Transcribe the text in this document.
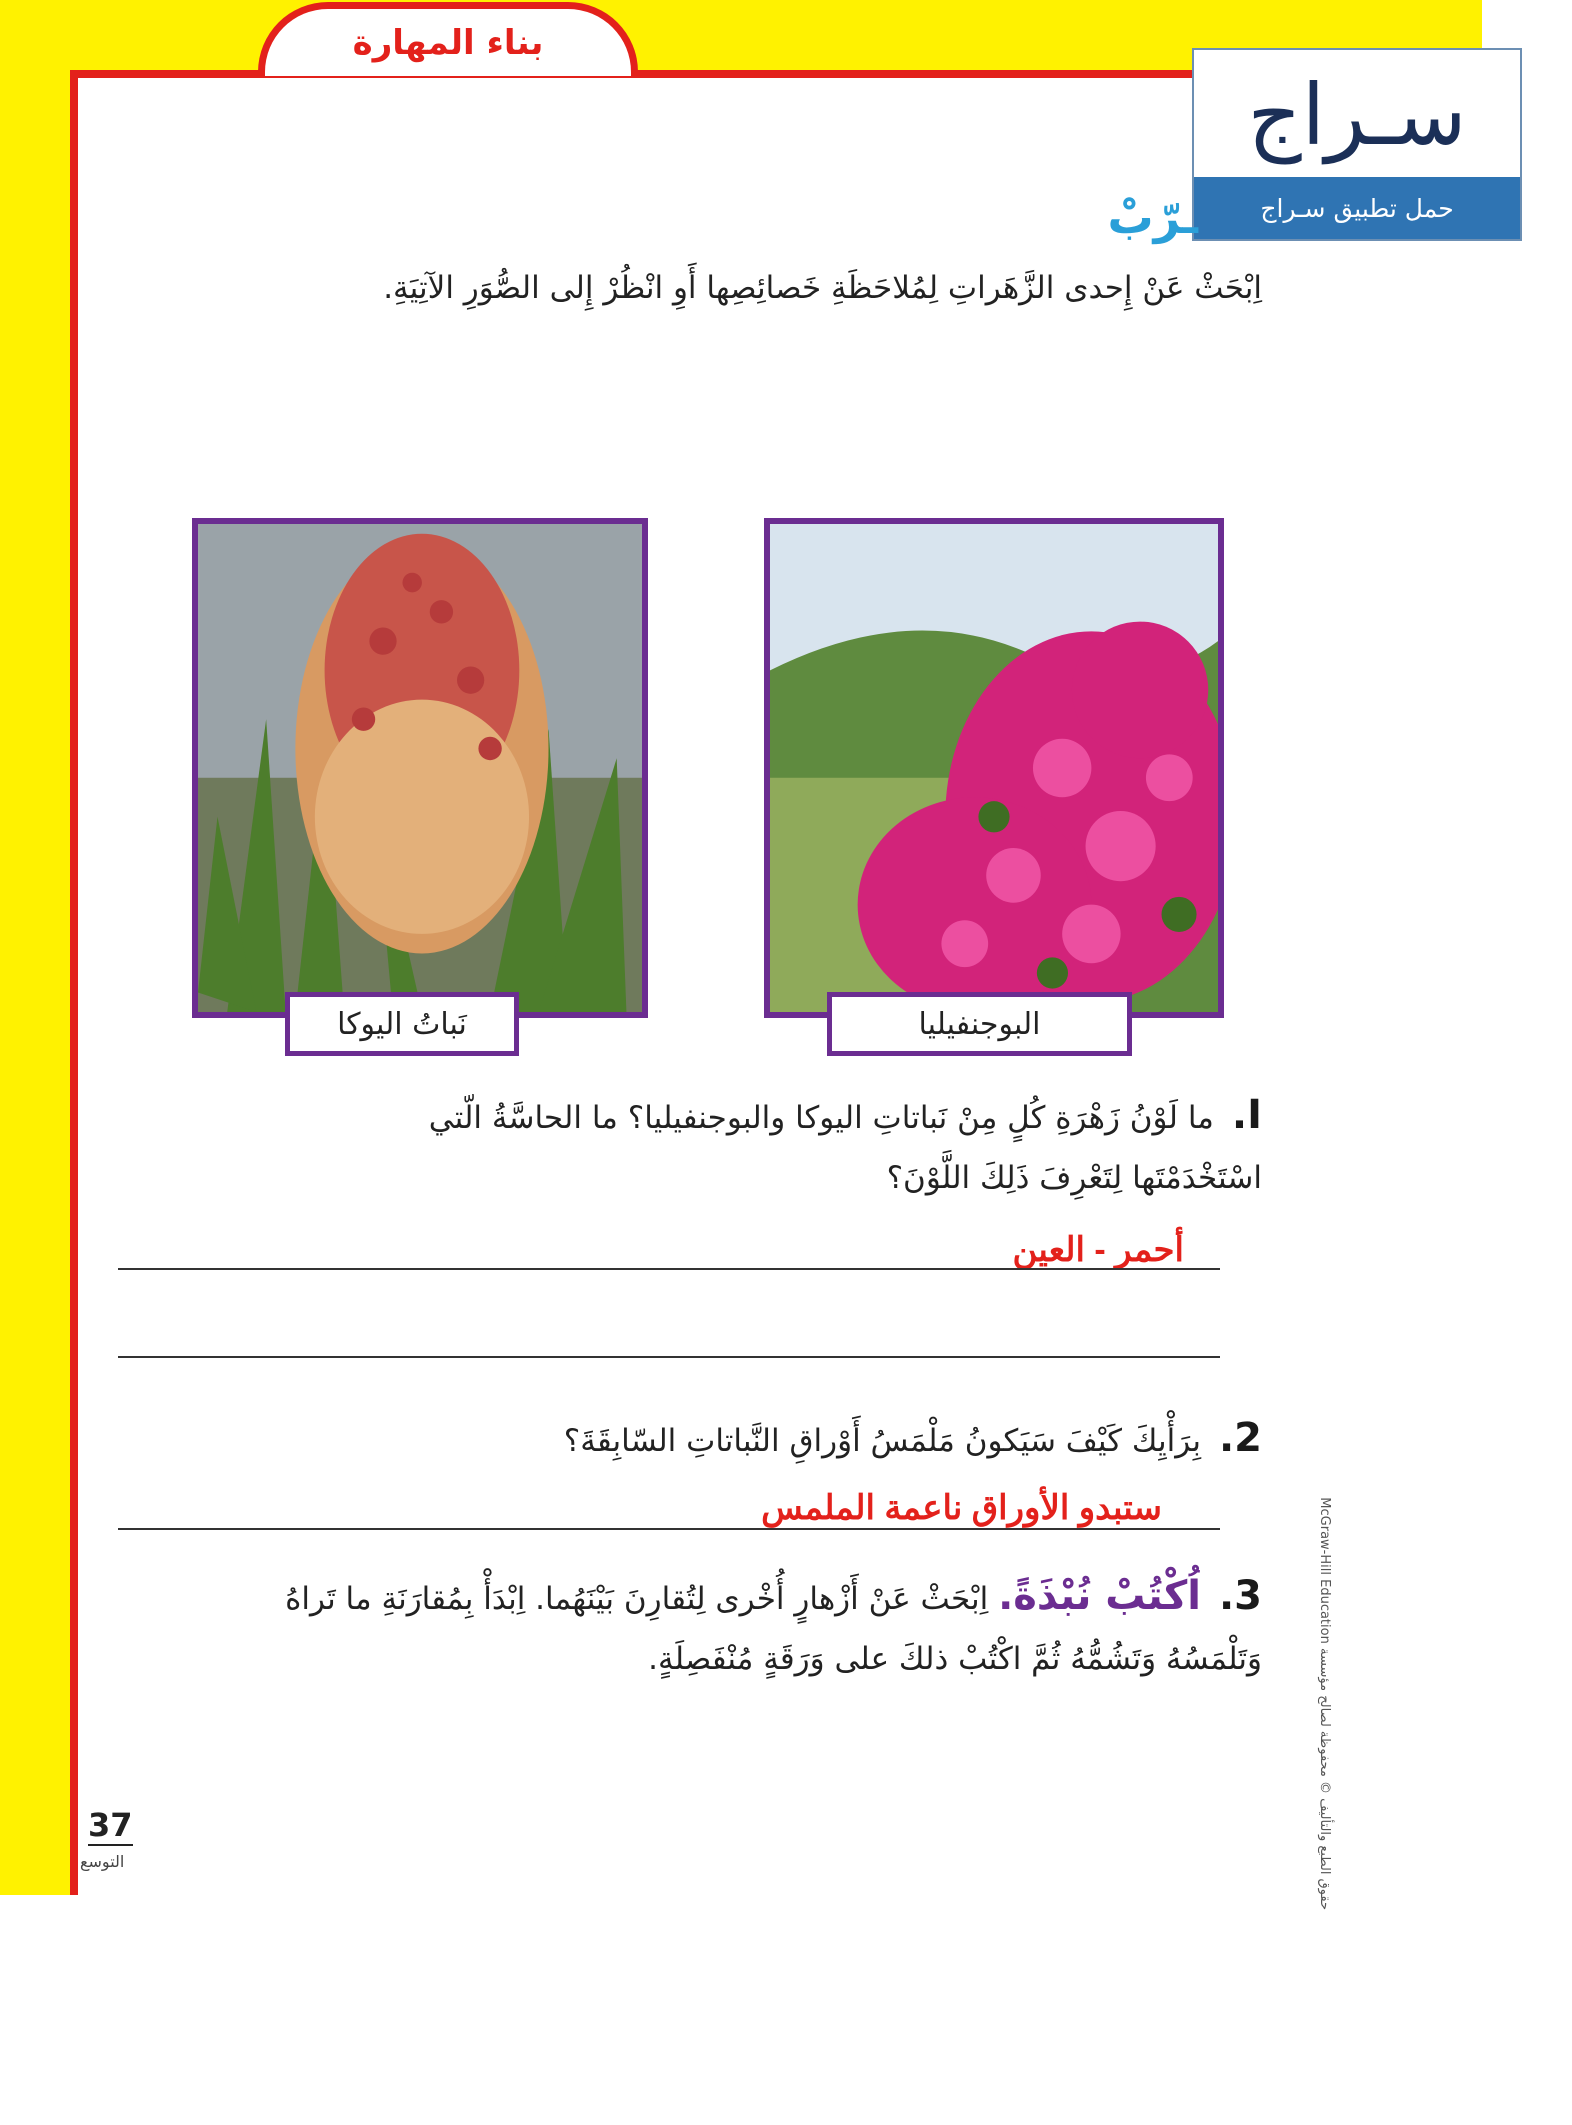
بناء المهارة
سـراج
حمل تطبيق سـراج
ـرّبْ
اِبْحَثْ عَنْ إِحدى الزَّهَراتِ لِمُلاحَظَةِ خَصائِصِها أَوِ انْظُرْ إِلى الصُّوَرِ الآتِيَةِ.
نَباتُ اليوكا	البوجنفيليا
I.ما لَوْنُ زَهْرَةِ كُلٍ مِنْ نَباتاتِ اليوكا والبوجنفيليا؟ ما الحاسَّةُ الّتي
اسْتَخْدَمْتَها لِتَعْرِفَ ذَلِكَ اللَّوْنَ؟
أحمر - العين
2.بِرَأْيِكَ كَيْفَ سَيَكونُ مَلْمَسُ أَوْراقِ النَّباتاتِ السّابِقَةَ؟
ستبدو الأوراق ناعمة الملمس
3.اُكْتُبْ نُبْذَةً. اِبْحَثْ عَنْ أَزْهارٍ أُخْرى لِتُقارِنَ بَيْنَهُما. اِبْدَأْ بِمُقارَنَةِ ما تَراهُ
وَتَلْمَسُهُ وَتَشُمُّهُ ثُمَّ اكْتُبْ ذلكَ على وَرَقَةٍ مُنْفَصِلَةٍ.
حقوق الطبع والتأليف © محفوظة لصالح مؤسسة McGraw-Hill Education
37
التوسع
